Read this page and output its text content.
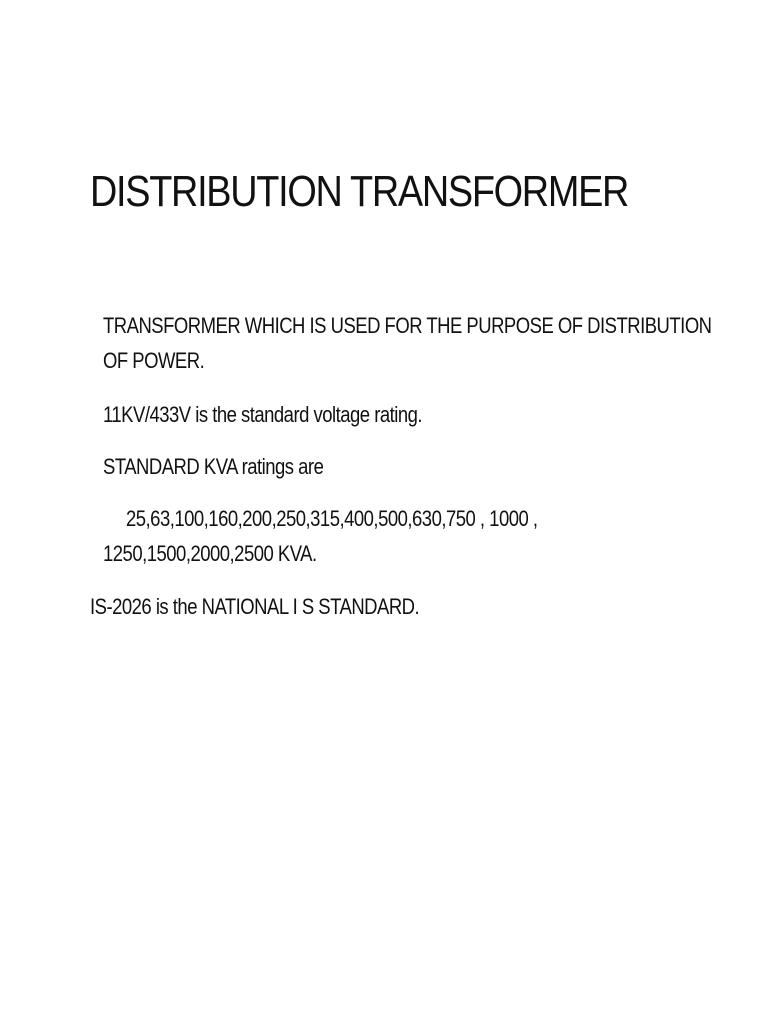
DISTRIBUTION TRANSFORMER

TRANSFORMER WHICH IS USED FOR THE PURPOSE OF DISTRIBUTION

OF POWER.

11KV/433V is the standard voltage rating.

STANDARD KVA ratings are

25,63,100,160,200,250,315,400,500,630,750 , 1000 ,

1250,1500,2000,2500 KVA.

IS-2026 is the NATIONAL I S STANDARD.
